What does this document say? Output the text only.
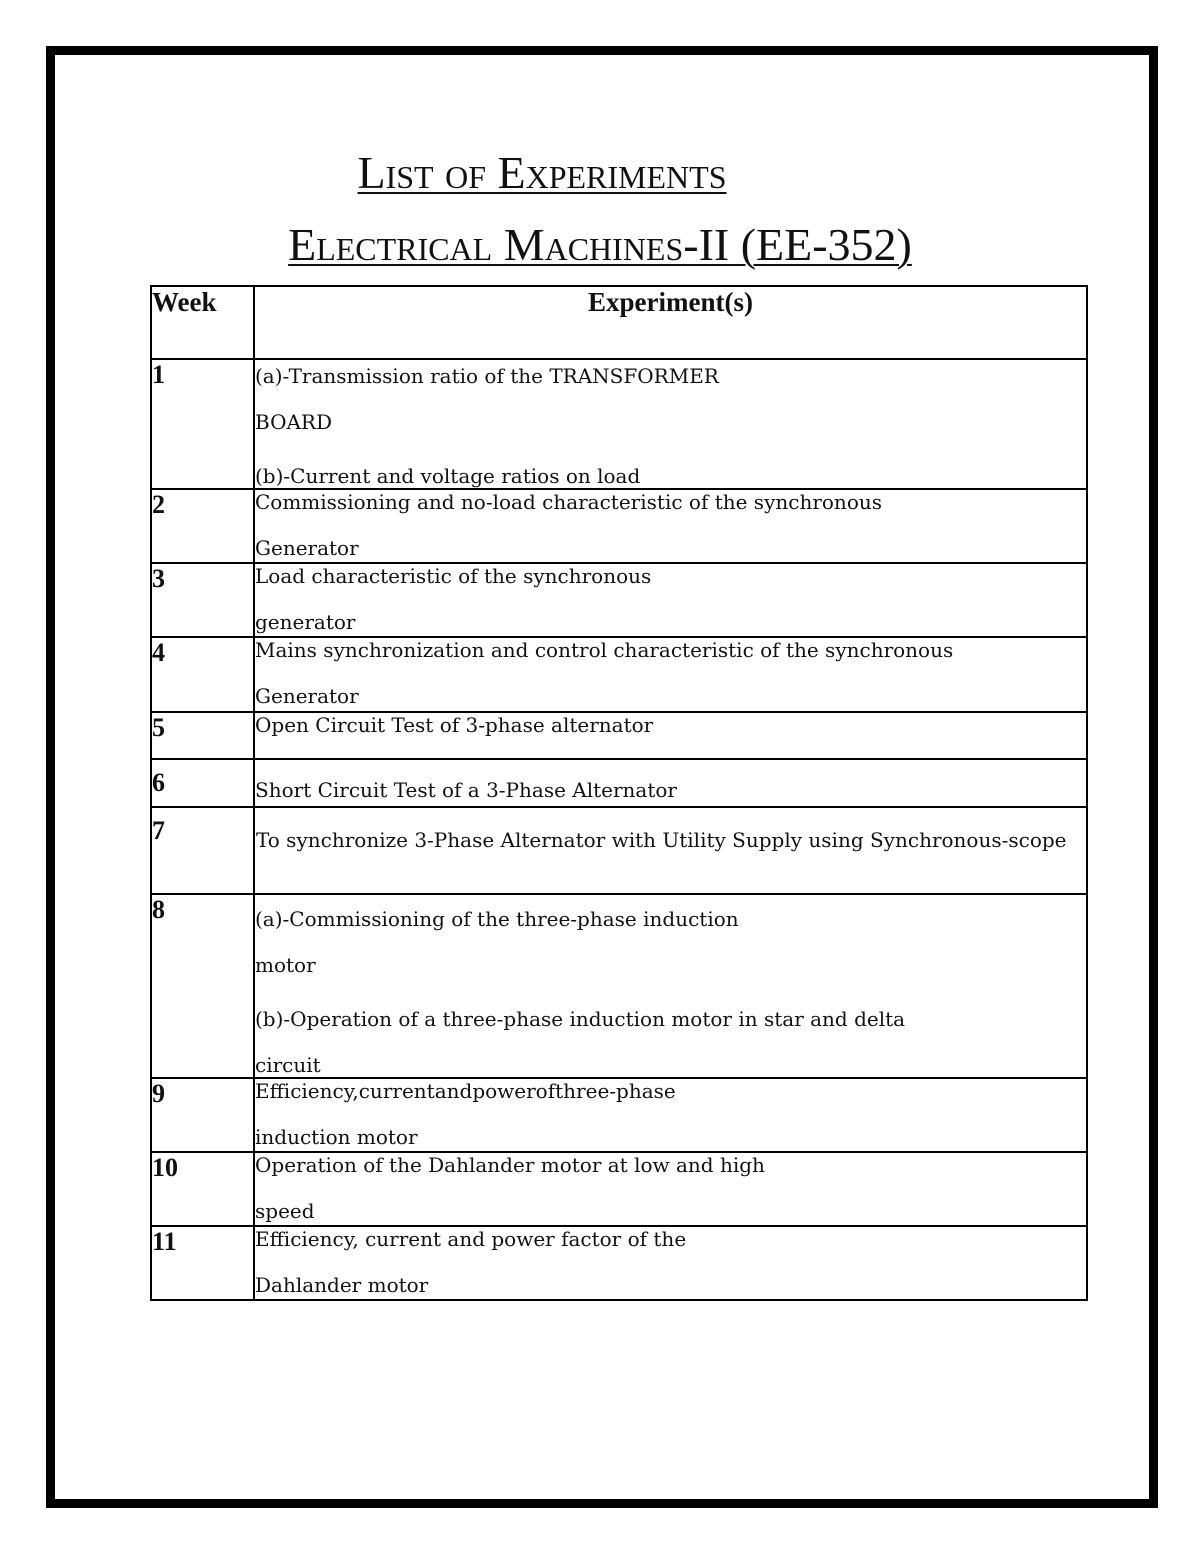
List of Experiments
Electrical Machines-II (EE-352)
Week	Experiment(s)
1	(a)-Transmission ratio of the TRANSFORMER
BOARD
(b)-Current and voltage ratios on load

2	Commissioning and no-load characteristic of the synchronous
Generator

3	Load characteristic of the synchronous
generator

4	Mains synchronization and control characteristic of the synchronous
Generator

5	Open Circuit Test of 3-phase alternator

6	Short Circuit Test of a 3-Phase Alternator

7	To synchronize 3-Phase Alternator with Utility Supply using Synchronous-scope

8	(a)-Commissioning of the three-phase induction
motor
(b)-Operation of a three-phase induction motor in star and delta
circuit

9	Efficiency,currentandpowerofthree-phase
induction motor

10	Operation of the Dahlander motor at low and high
speed

11	Efficiency, current and power factor of the
Dahlander motor
